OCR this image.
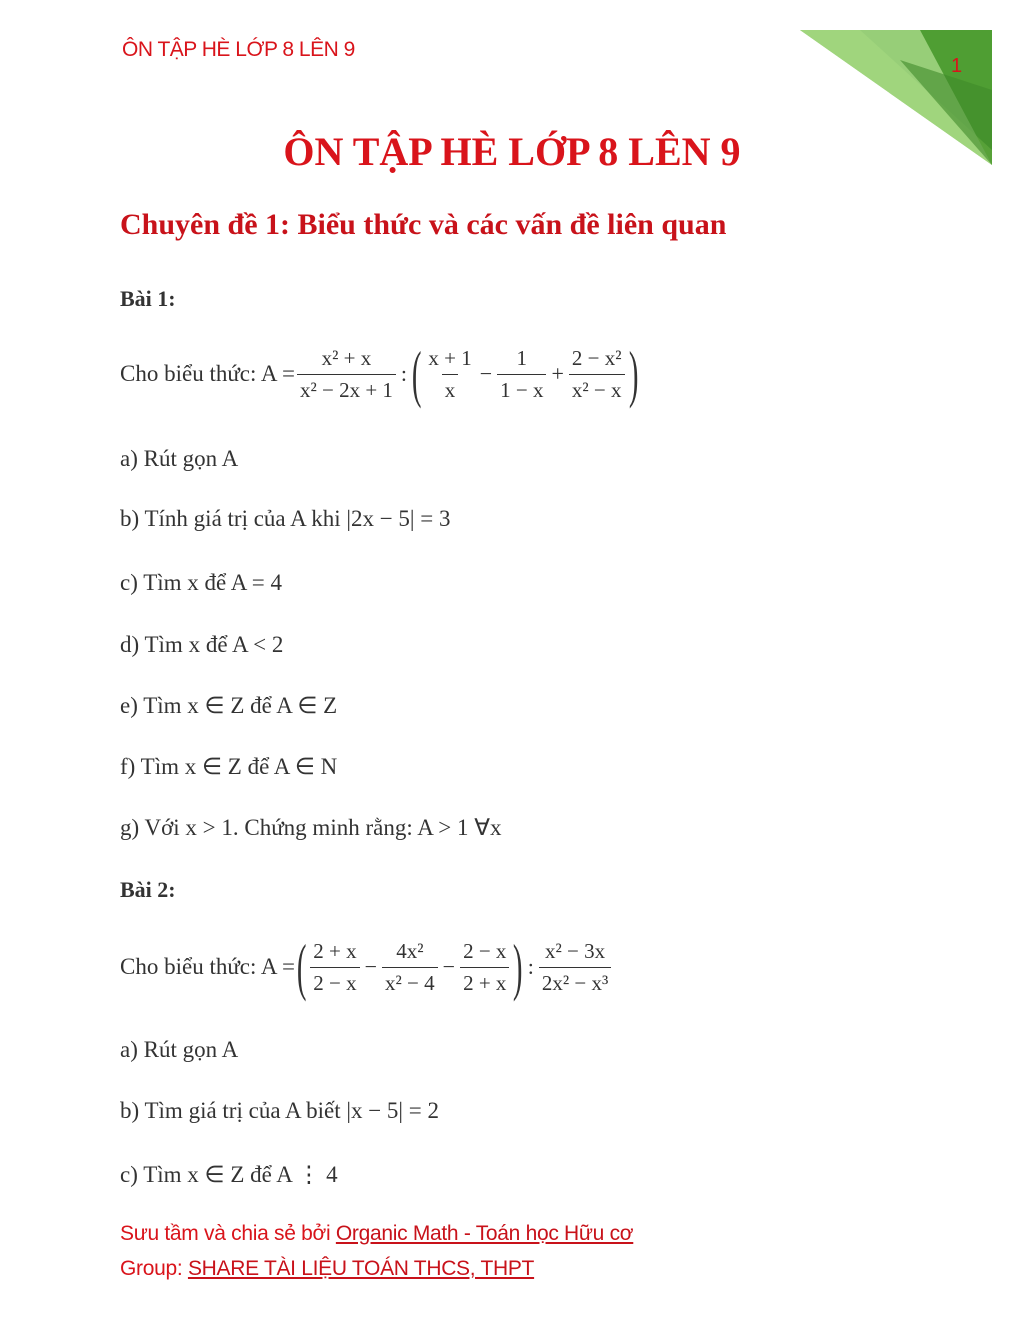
ÔN TẬP HÈ LỚP 8 LÊN 9
1
ÔN TẬP HÈ LỚP 8 LÊN 9
Chuyên đề 1: Biểu thức và các vấn đề liên quan
Bài 1:
Cho biểu thức: $A = \frac{\text{x² + x}}{\text{x² − 2x + 1}}$ : ( $\frac{x + 1}{x} - \frac{1}{1 - x} + \frac{\text{2 − x²}}{\text{x² − x}}$ )
a) Rút gọn A
b) Tính giá trị của A khi |2x − 5| = 3
c) Tìm x để A = 4
d) Tìm x để A < 2
e) Tìm x ∈ Z để A ∈ Z
f) Tìm x ∈ Z để A ∈ N
g) Với x > 1. Chứng minh rằng: A > 1 ∀x
Bài 2:
Cho biểu thức: A = ( $\frac{2 + x}{2 - x} - \frac{\text{4x²}}{\text{x² − 4}} - \frac{2 - x}{2 + x}$ ) : $\frac{\text{x² − 3x}}{\text{2x² − x³}}$
a) Rút gọn A
b) Tìm giá trị của A biết |x − 5| = 2
c) Tìm x ∈ Z để A ⋮ 4
Sưu tầm và chia sẻ bởi Organic Math - Toán học Hữu cơ
Group: SHARE TÀI LIỆU TOÁN THCS, THPT
